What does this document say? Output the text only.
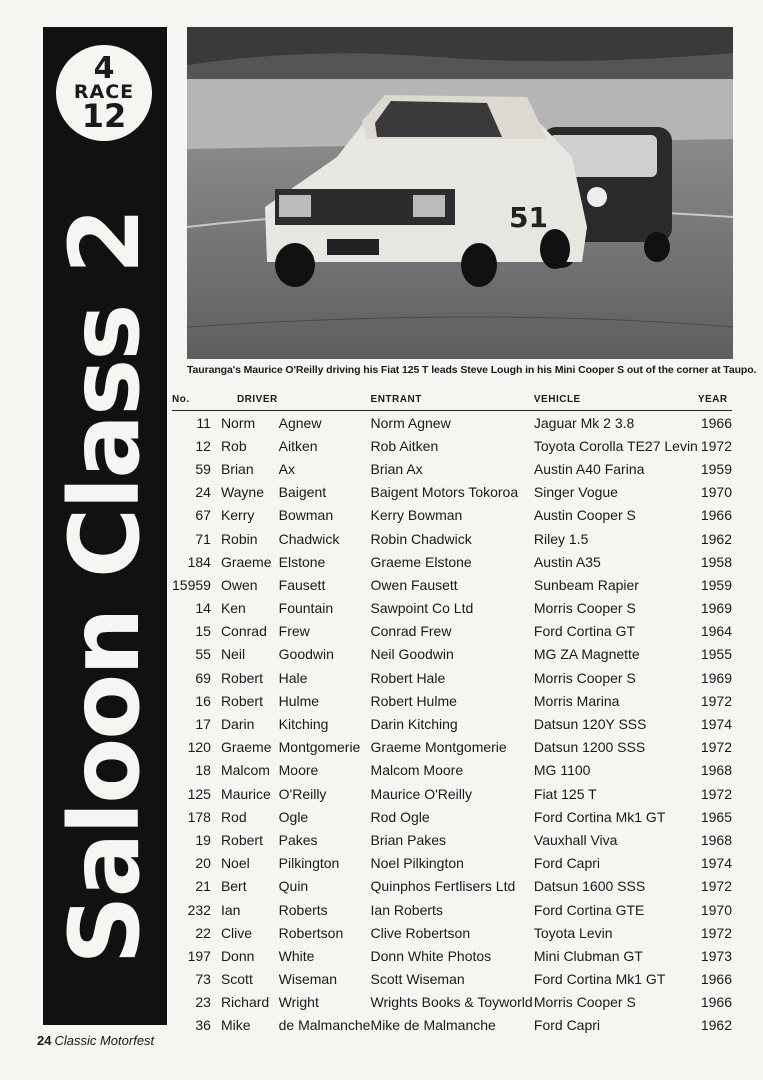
4
RACE
12
Saloon Class 2	51
Tauranga's Maurice O'Reilly driving his Fiat 125 T leads Steve Lough in his Mini Cooper S out of the corner at Taupo.
No.	DRIVER		ENTRANT	VEHICLE	YEAR
11	Norm	Agnew	Norm Agnew	Jaguar Mk 2 3.8	1966
12	Rob	Aitken	Rob Aitken	Toyota Corolla TE27 Levin	1972
59	Brian	Ax	Brian Ax	Austin A40 Farina	1959
24	Wayne	Baigent	Baigent Motors Tokoroa	Singer Vogue	1970
67	Kerry	Bowman	Kerry Bowman	Austin Cooper S	1966
71	Robin	Chadwick	Robin Chadwick	Riley 1.5	1962
184	Graeme	Elstone	Graeme Elstone	Austin A35	1958
15959	Owen	Fausett	Owen Fausett	Sunbeam Rapier	1959
14	Ken	Fountain	Sawpoint Co Ltd	Morris Cooper S	1969
15	Conrad	Frew	Conrad Frew	Ford Cortina GT	1964
55	Neil	Goodwin	Neil Goodwin	MG ZA Magnette	1955
69	Robert	Hale	Robert Hale	Morris Cooper S	1969
16	Robert	Hulme	Robert Hulme	Morris Marina	1972
17	Darin	Kitching	Darin Kitching	Datsun 120Y SSS	1974
120	Graeme	Montgomerie	Graeme Montgomerie	Datsun 1200 SSS	1972
18	Malcom	Moore	Malcom Moore	MG 1100	1968
125	Maurice	O'Reilly	Maurice O'Reilly	Fiat 125 T	1972
178	Rod	Ogle	Rod Ogle	Ford Cortina Mk1 GT	1965
19	Robert	Pakes	Brian Pakes	Vauxhall Viva	1968
20	Noel	Pilkington	Noel Pilkington	Ford Capri	1974
21	Bert	Quin	Quinphos Fertlisers Ltd	Datsun 1600 SSS	1972
232	Ian	Roberts	Ian Roberts	Ford Cortina GTE	1970
22	Clive	Robertson	Clive Robertson	Toyota Levin	1972
197	Donn	White	Donn White Photos	Mini Clubman GT	1973
73	Scott	Wiseman	Scott Wiseman	Ford Cortina Mk1 GT	1966
23	Richard	Wright	Wrights Books & Toyworld	Morris Cooper S	1966
36	Mike	de Malmanche	Mike de Malmanche	Ford Capri	1962
24 Classic Motorfest
